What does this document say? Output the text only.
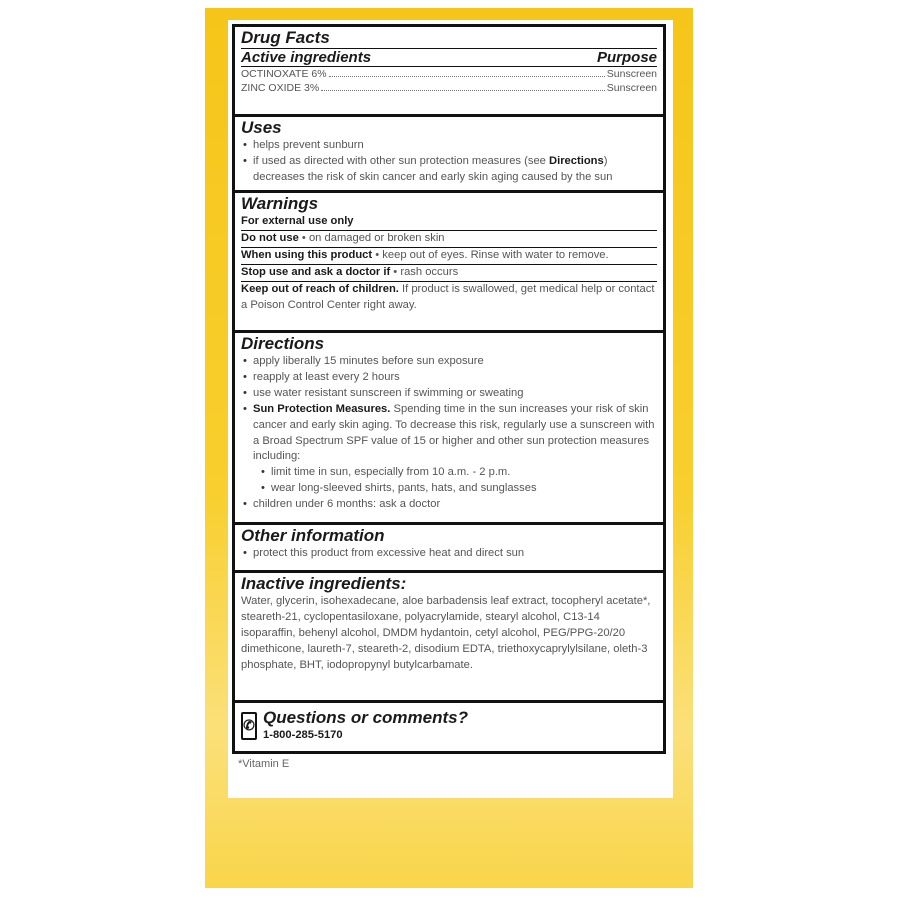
Drug Facts
Active ingredients	Purpose
OCTINOXATE 6%	Sunscreen
ZINC OXIDE 3%	Sunscreen
Uses
• helps prevent sunburn
• if used as directed with other sun protection measures (see Directions) decreases the risk of skin cancer and early skin aging caused by the sun
Warnings
For external use only
Do not use • on damaged or broken skin
When using this product • keep out of eyes. Rinse with water to remove.
Stop use and ask a doctor if • rash occurs
Keep out of reach of children. If product is swallowed, get medical help or contact a Poison Control Center right away.
Directions
• apply liberally 15 minutes before sun exposure
• reapply at least every 2 hours
• use water resistant sunscreen if swimming or sweating
• Sun Protection Measures. Spending time in the sun increases your risk of skin cancer and early skin aging. To decrease this risk, regularly use a sunscreen with a Broad Spectrum SPF value of 15 or higher and other sun protection measures including:
• limit time in sun, especially from 10 a.m. - 2 p.m.
• wear long-sleeved shirts, pants, hats, and sunglasses
• children under 6 months: ask a doctor
Other information
• protect this product from excessive heat and direct sun
Inactive ingredients:
Water, glycerin, isohexadecane, aloe barbadensis leaf extract, tocopheryl acetate*, steareth-21, cyclopentasiloxane, polyacrylamide, stearyl alcohol, C13-14 isoparaffin, behenyl alcohol, DMDM hydantoin, cetyl alcohol, PEG/PPG-20/20 dimethicone, laureth-7, steareth-2, disodium EDTA, triethoxycaprylylsilane, oleth-3 phosphate, BHT, iodopropynyl butylcarbamate.
✆ Questions or comments?
1-800-285-5170
*Vitamin E
